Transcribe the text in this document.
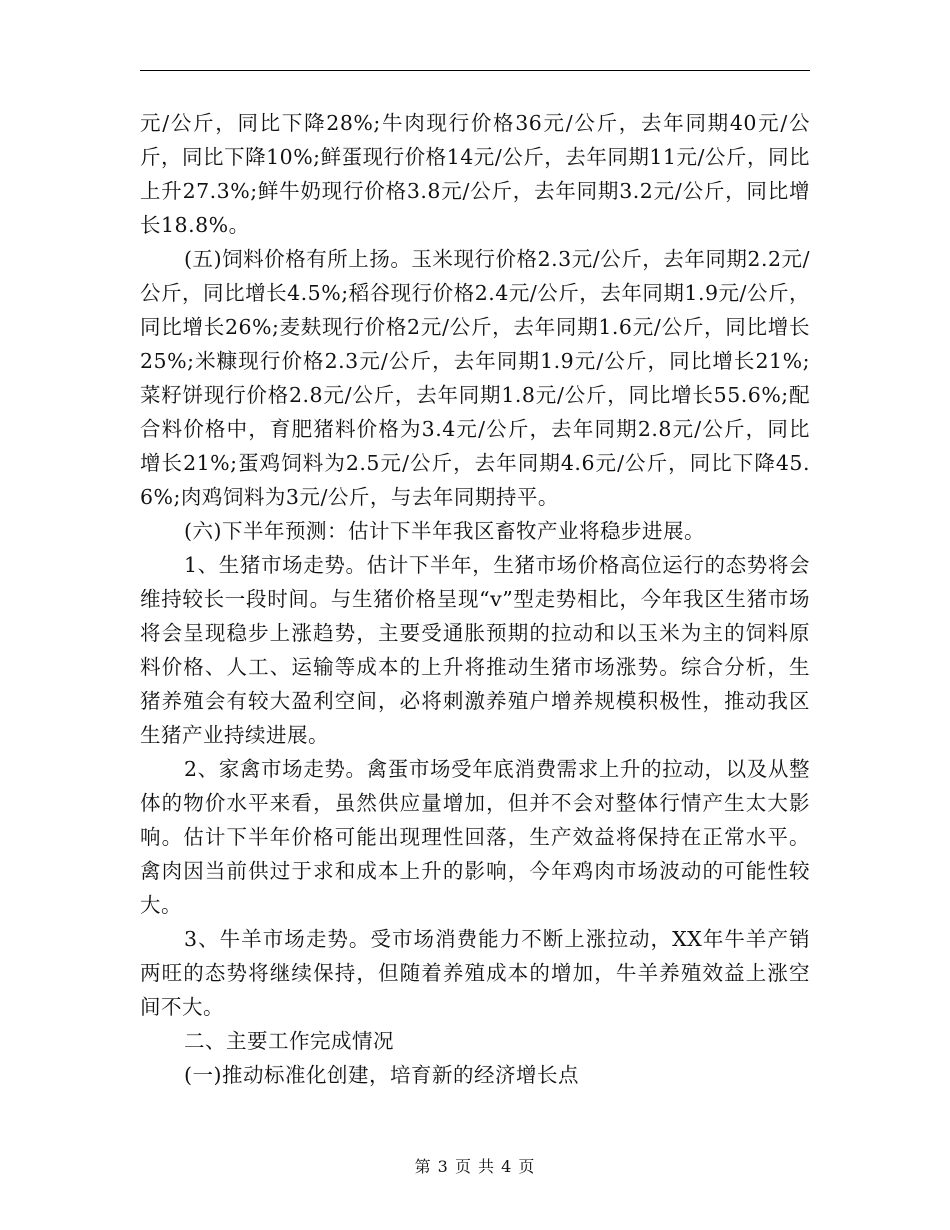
元/公斤，同比下降28%;牛肉现行价格36元/公斤，去年同期40元/公斤，同比下降10%;鲜蛋现行价格14元/公斤，去年同期11元/公斤，同比上升27.3%;鲜牛奶现行价格3.8元/公斤，去年同期3.2元/公斤，同比增长18.8%。

(五)饲料价格有所上扬。玉米现行价格2.3元/公斤，去年同期2.2元/公斤，同比增长4.5%;稻谷现行价格2.4元/公斤，去年同期1.9元/公斤，同比增长26%;麦麸现行价格2元/公斤，去年同期1.6元/公斤，同比增长25%;米糠现行价格2.3元/公斤，去年同期1.9元/公斤，同比增长21%;菜籽饼现行价格2.8元/公斤，去年同期1.8元/公斤，同比增长55.6%;配合料价格中，育肥猪料价格为3.4元/公斤，去年同期2.8元/公斤，同比增长21%;蛋鸡饲料为2.5元/公斤，去年同期4.6元/公斤，同比下降45.6%;肉鸡饲料为3元/公斤，与去年同期持平。

(六)下半年预测：估计下半年我区畜牧产业将稳步进展。

1、生猪市场走势。估计下半年，生猪市场价格高位运行的态势将会维持较长一段时间。与生猪价格呈现“v”型走势相比，今年我区生猪市场将会呈现稳步上涨趋势，主要受通胀预期的拉动和以玉米为主的饲料原料价格、人工、运输等成本的上升将推动生猪市场涨势。综合分析，生猪养殖会有较大盈利空间，必将刺激养殖户增养规模积极性，推动我区生猪产业持续进展。

2、家禽市场走势。禽蛋市场受年底消费需求上升的拉动，以及从整体的物价水平来看，虽然供应量增加，但并不会对整体行情产生太大影响。估计下半年价格可能出现理性回落，生产效益将保持在正常水平。禽肉因当前供过于求和成本上升的影响，今年鸡肉市场波动的可能性较大。

3、牛羊市场走势。受市场消费能力不断上涨拉动，XX年牛羊产销两旺的态势将继续保持，但随着养殖成本的增加，牛羊养殖效益上涨空间不大。

二、主要工作完成情况

(一)推动标准化创建，培育新的经济增长点

第 3 页 共 4 页
